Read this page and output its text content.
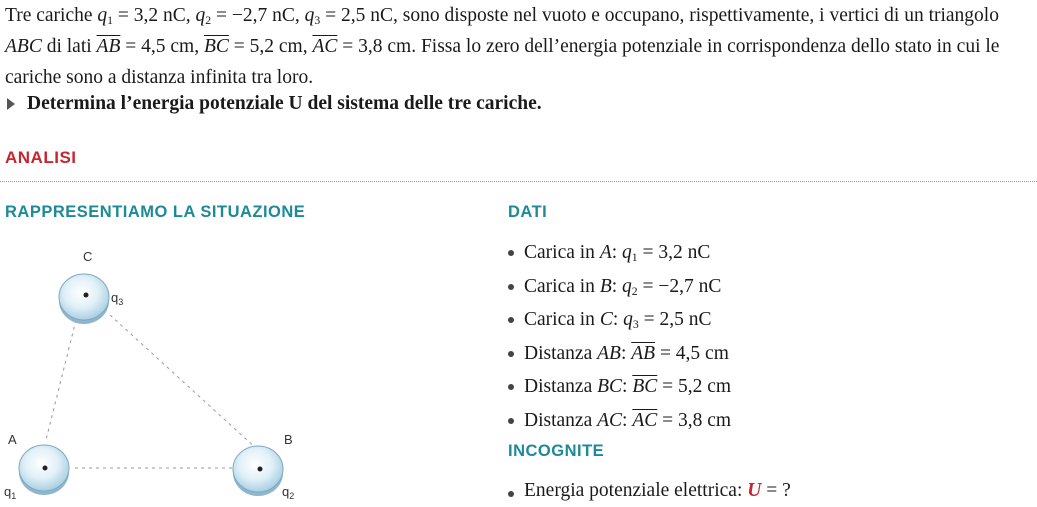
Tre cariche $q_1 = 3,2$ nC, $q_2 = -2,7$ nC, $q_3 = 2,5$ nC, sono disposte nel vuoto e occupano, rispettivamente, i vertici di un triangolo ABC di lati $\overline{AB} = 4,5$ cm, $\overline{BC} = 5,2$ cm, $\overline{AC} = 3,8$ cm. Fissa lo zero dell’energia potenziale in corrispondenza dello stato in cui le cariche sono a distanza infinita tra loro.

Determina l’energia potenziale U del sistema delle tre cariche.
ANALISI
RAPPRESENTIAMO LA SITUAZIONE	DATI
C
A	B
$q_3$
$q_1$	$q_2$
Carica in A: $q_1 = 3,2$ nC
Carica in B: $q_2 = -2,7$ nC
Carica in C: $q_3 = 2,5$ nC
Distanza AB: $\overline{AB} = 4,5$ cm
Distanza BC: $\overline{BC} = 5,2$ cm
Distanza AC: $\overline{AC} = 3,8$ cm
INCOGNITE
Energia potenziale elettrica: U = ?
